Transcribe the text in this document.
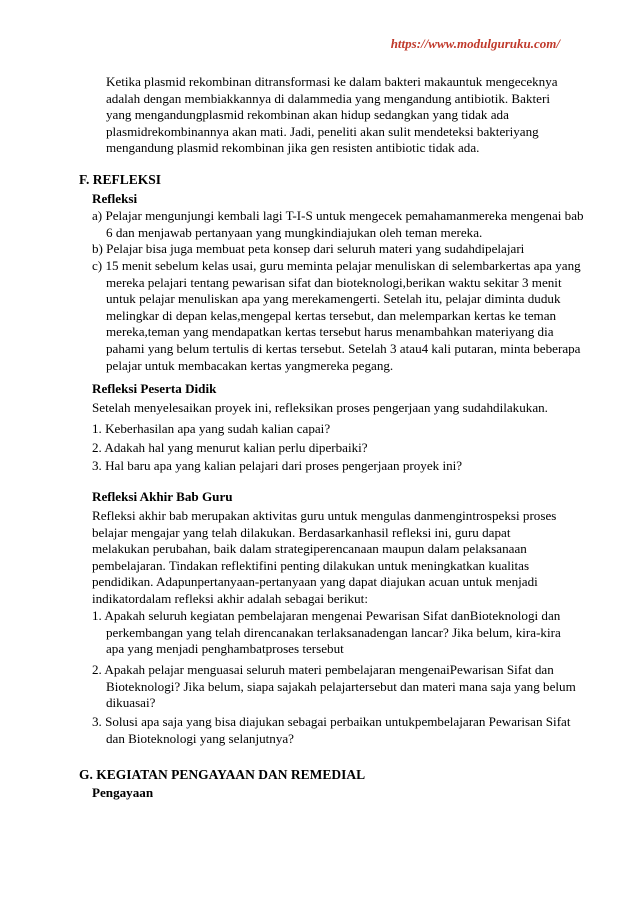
https://www.modulguruku.com/

Ketika plasmid rekombinan ditransformasi ke dalam bakteri makauntuk mengeceknya adalah dengan membiakkannya di dalammedia yang mengandung antibiotik. Bakteri yang mengandungplasmid rekombinan akan hidup sedangkan yang tidak ada plasmidrekombinannya akan mati. Jadi, peneliti akan sulit mendeteksi bakteriyang mengandung plasmid rekombinan jika gen resisten antibiotic tidak ada.

F. REFLEKSI
Refleksi

a) Pelajar mengunjungi kembali lagi T-I-S untuk mengecek pemahamanmereka mengenai bab 6 dan menjawab pertanyaan yang mungkindiajukan oleh teman mereka.

b) Pelajar bisa juga membuat peta konsep dari seluruh materi yang sudahdipelajari

c) 15 menit sebelum kelas usai, guru meminta pelajar menuliskan di selembarkertas apa yang mereka pelajari tentang pewarisan sifat dan bioteknologi,berikan waktu sekitar 3 menit untuk pelajar menuliskan apa yang merekamengerti. Setelah itu, pelajar diminta duduk melingkar di depan kelas,mengepal kertas tersebut, dan melemparkan kertas ke teman mereka,teman yang mendapatkan kertas tersebut harus menambahkan materiyang dia pahami yang belum tertulis di kertas tersebut. Setelah 3 atau4 kali putaran, minta beberapa pelajar untuk membacakan kertas yangmereka pegang.

Refleksi Peserta Didik

Setelah menyelesaikan proyek ini, refleksikan proses pengerjaan yang sudahdilakukan.

1. Keberhasilan apa yang sudah kalian capai?

2. Adakah hal yang menurut kalian perlu diperbaiki?

3. Hal baru apa yang kalian pelajari dari proses pengerjaan proyek ini?

Refleksi Akhir Bab Guru

Refleksi akhir bab merupakan aktivitas guru untuk mengulas danmengintrospeksi proses belajar mengajar yang telah dilakukan. Berdasarkanhasil refleksi ini, guru dapat melakukan perubahan, baik dalam strategiperencanaan maupun dalam pelaksanaan pembelajaran. Tindakan reflektifini penting dilakukan untuk meningkatkan kualitas pendidikan. Adapunpertanyaan-pertanyaan yang dapat diajukan acuan untuk menjadi indikatordalam refleksi akhir adalah sebagai berikut:

1. Apakah seluruh kegiatan pembelajaran mengenai Pewarisan Sifat danBioteknologi dan perkembangan yang telah direncanakan terlaksanadengan lancar? Jika belum, kira-kira apa yang menjadi penghambatproses tersebut

2. Apakah pelajar menguasai seluruh materi pembelajaran mengenaiPewarisan Sifat dan Bioteknologi? Jika belum, siapa sajakah pelajartersebut dan materi mana saja yang belum dikuasai?

3. Solusi apa saja yang bisa diajukan sebagai perbaikan untukpembelajaran Pewarisan Sifat dan Bioteknologi yang selanjutnya?

G. KEGIATAN PENGAYAAN DAN REMEDIAL
Pengayaan
